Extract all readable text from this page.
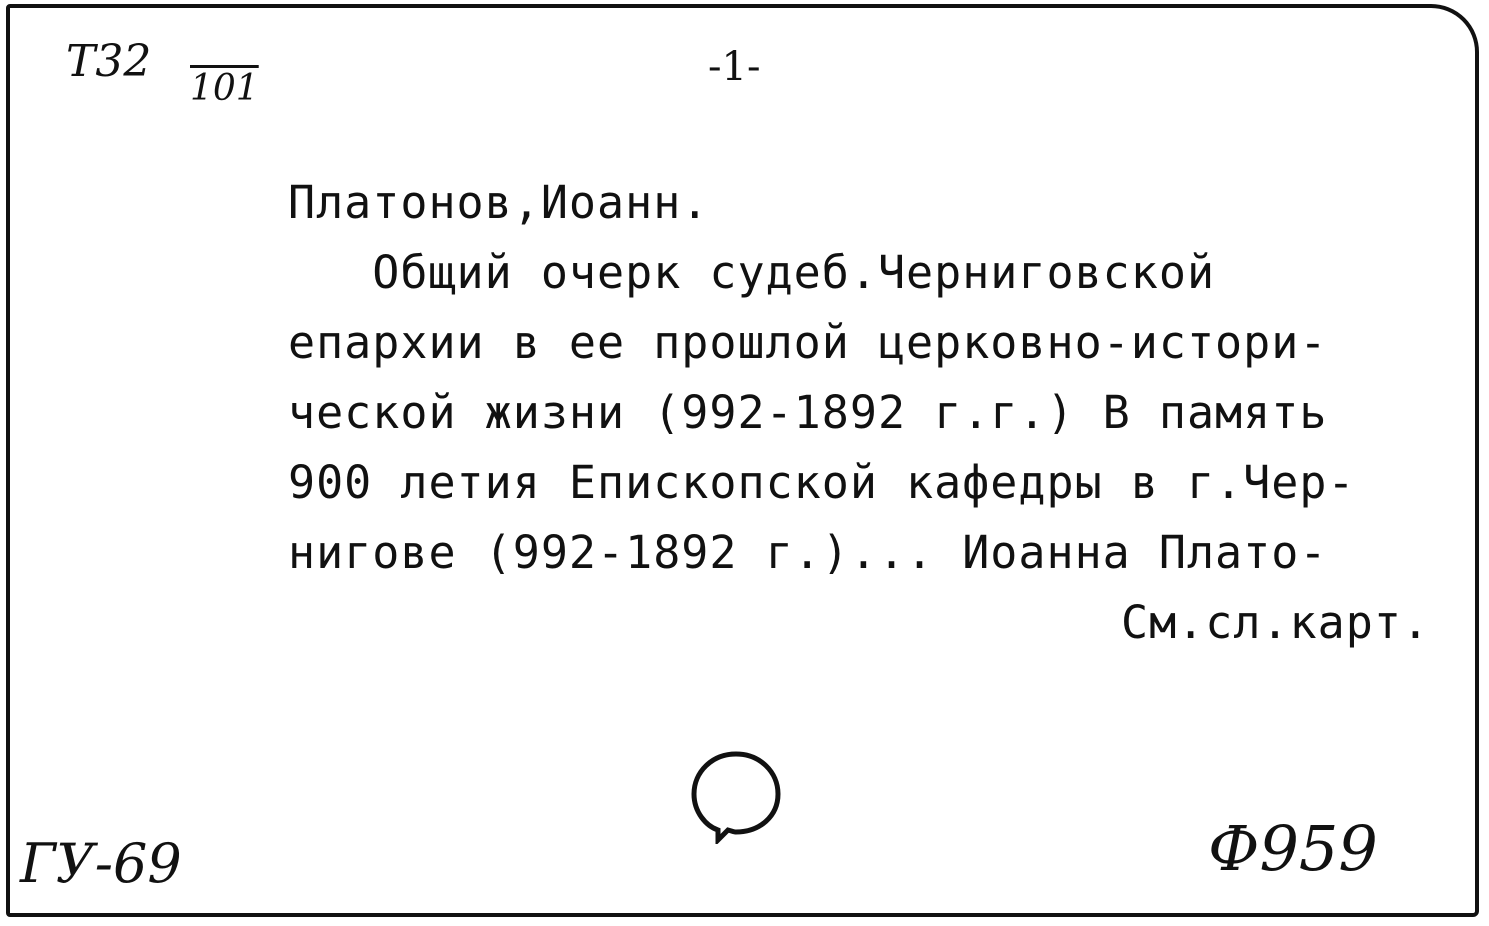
Т32
101	-1-
Платонов,Иоанн.
Общий очерк судеб.Черниговской
епархии в ее прошлой церковно-истори-
ческой жизни (992-1892 г.г.) В память
900 летия Епископской кафедры в г.Чер-
нигове (992-1892 г.)... Иоанна Плато-
См.сл.карт.
ГУ-69	Ф959
